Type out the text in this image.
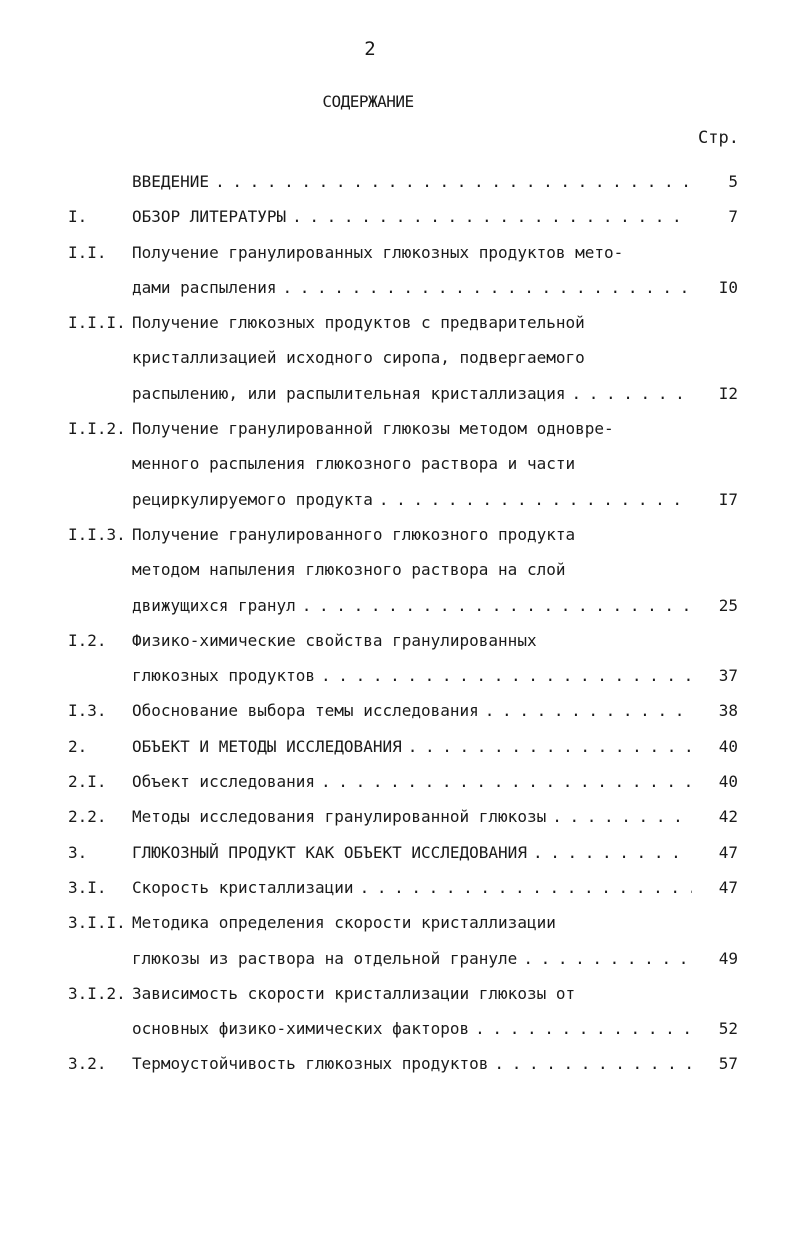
2
СОДЕРЖАНИЕ
Стр.
ВВЕДЕНИЕ . . .	5
I.	ОБЗОР ЛИТЕРАТУРЫ . . .	7
I.I. Получение гранулированных глюкозных продуктов мето-
дами распыления . . .	I0
I.I.I. Получение глюкозных продуктов с предварительной
кристаллизацией исходного сиропа, подвергаемого
распылению, или распылительная кристаллизация . . .	I2
I.I.2. Получение гранулированной глюкозы методом одновре-
менного распыления глюкозного раствора и части
рециркулируемого продукта . . .	I7
I.I.3. Получение гранулированного глюкозного продукта
методом напыления глюкозного раствора на слой
движущихся гранул . . .	25
I.2. Физико-химические свойства гранулированных
глюкозных продуктов . . .	37
I.3. Обоснование выбора темы исследования . . .	38
2.	ОБЪЕКТ И МЕТОДЫ ИССЛЕДОВАНИЯ . . .	40
2.I. Объект исследования . . .	40
2.2. Методы исследования гранулированной глюкозы . . .	42
3.	ГЛЮКОЗНЫЙ ПРОДУКТ КАК ОБЪЕКТ ИССЛЕДОВАНИЯ . . .	47
3.I. Скорость кристаллизации . . .	47
3.I.I. Методика определения скорости кристаллизации
глюкозы из раствора на отдельной грануле . . .	49
3.I.2. Зависимость скорости кристаллизации глюкозы от
основных физико-химических факторов . . .	52
3.2. Термоустойчивость глюкозных продуктов . . .	57
